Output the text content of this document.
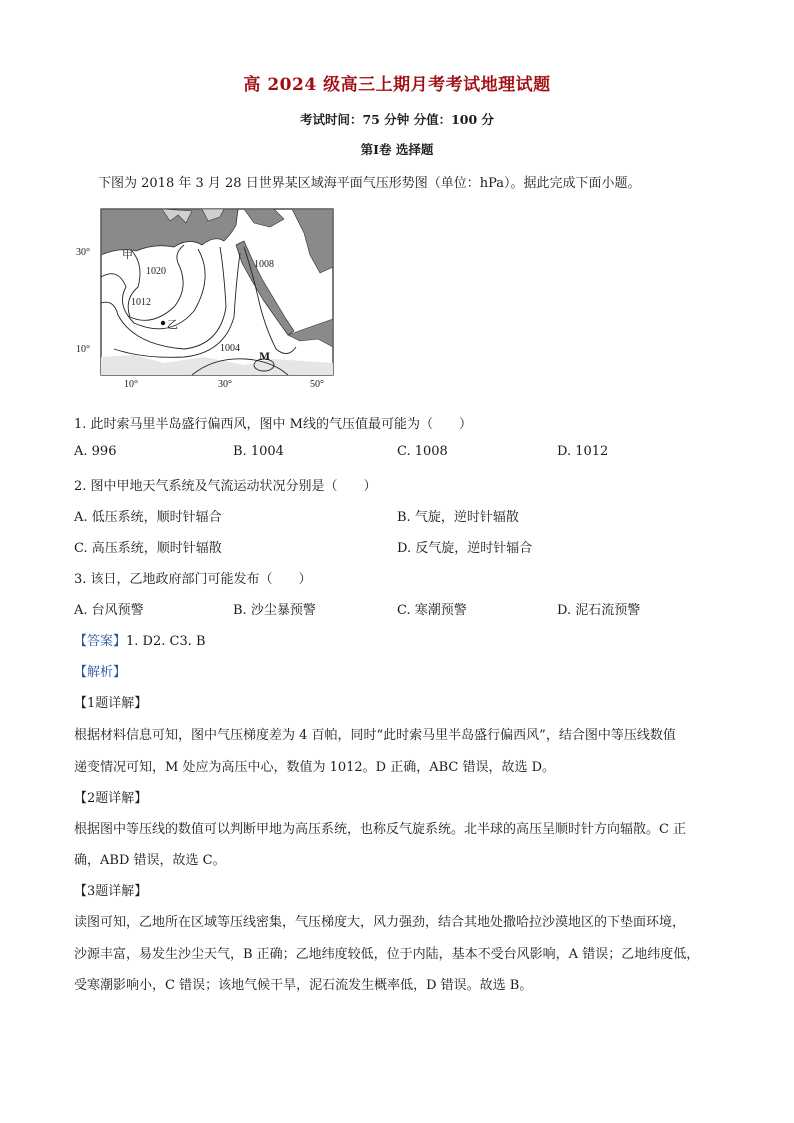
高 2024 级高三上期月考考试地理试题
考试时间：75 分钟 分值：100 分
第Ⅰ卷 选择题
下图为 2018 年 3 月 28 日世界某区域海平面气压形势图（单位：hPa）。据此完成下面小题。
30°
10°
10°	30°	50°
甲
乙
M
1020
1012
1008
1004
1. 此时索马里半岛盛行偏西风，图中 M线的气压值最可能为（　　）
A. 996	B. 1004	C. 1008	D. 1012
2. 图中甲地天气系统及气流运动状况分别是（　　）
A. 低压系统，顺时针辐合	B. 气旋，逆时针辐散
C. 高压系统，顺时针辐散	D. 反气旋，逆时针辐合
3. 该日，乙地政府部门可能发布（　　）
A. 台风预警	B. 沙尘暴预警	C. 寒潮预警	D. 泥石流预警
【答案】1. D2. C3. B
【解析】
【1题详解】
根据材料信息可知，图中气压梯度差为 4 百帕，同时“此时索马里半岛盛行偏西风”，结合图中等压线数值
递变情况可知，M 处应为高压中心，数值为 1012。D 正确，ABC 错误，故选 D。
【2题详解】
根据图中等压线的数值可以判断甲地为高压系统，也称反气旋系统。北半球的高压呈顺时针方向辐散。C 正
确，ABD 错误，故选 C。
【3题详解】
读图可知，乙地所在区域等压线密集，气压梯度大，风力强劲，结合其地处撒哈拉沙漠地区的下垫面环境，
沙源丰富，易发生沙尘天气，B 正确；乙地纬度较低，位于内陆，基本不受台风影响，A 错误；乙地纬度低，
受寒潮影响小，C 错误；该地气候干旱，泥石流发生概率低，D 错误。故选 B。
